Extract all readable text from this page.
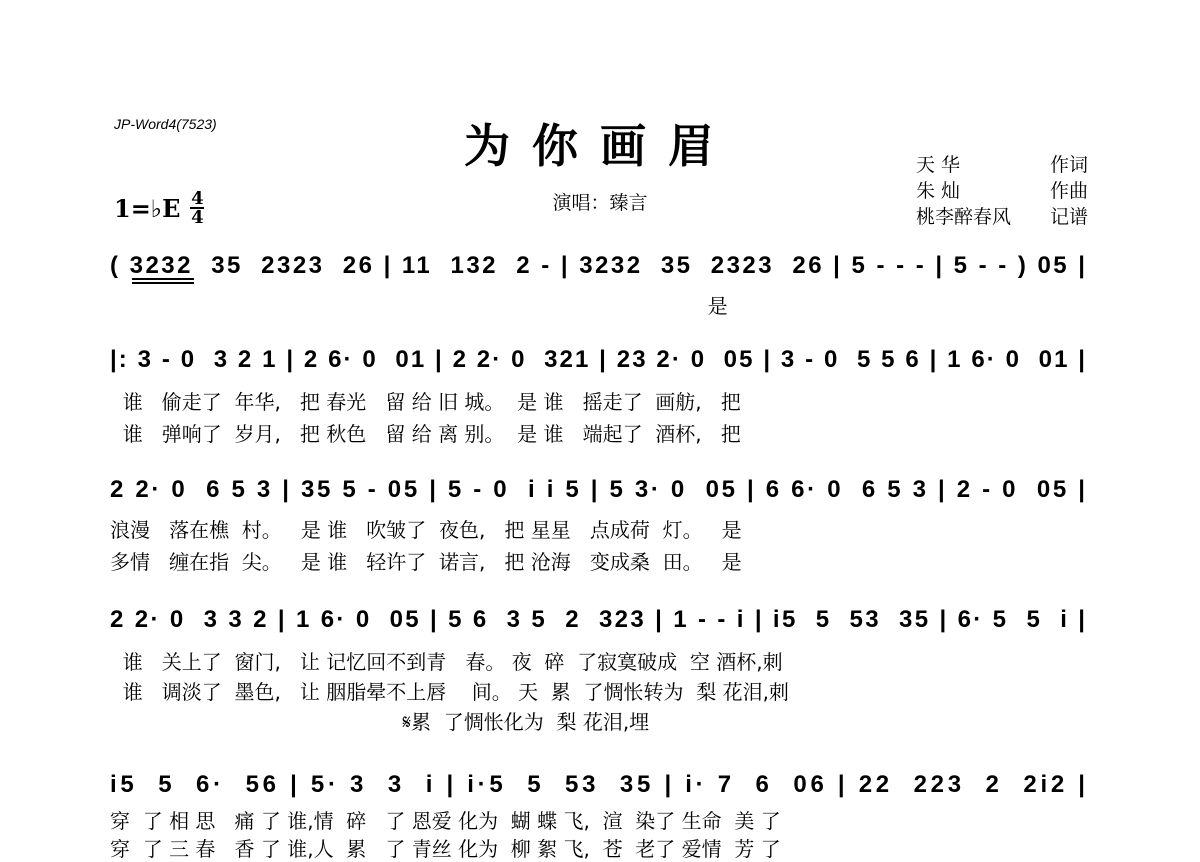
JP-Word4(7523)	为你画眉
演唱：臻言
天 华	作词
朱 灿	作曲
桃李醉春风 记谱
1=♭E $\frac{4}{4}$
( 3232  35  2323  26 | 11  132  2 - | 3232  35  2323  26 | 5 - - - | 5 - - ) 05 |
是
|: 3 - 0  3 2 1 | 2 6· 0  01 | 2 2· 0  321 | 23 2· 0  05 | 3 - 0  5 5 6 | 1 6· 0  01 |
谁   偷走了  年华,   把 春光   留 给 旧 城。  是 谁   摇走了  画舫,   把
谁   弹响了  岁月,   把 秋色   留 给 离 别。  是 谁   端起了  酒杯,   把
2 2· 0  6 5 3 | 35 5 - 05 | 5 - 0  i i 5 | 5 3· 0  05 | 6 6· 0  6 5 3 | 2 - 0  05 |
浪漫   落在樵  村。   是 谁   吹皱了  夜色,   把 星星   点成荷  灯。   是
多情   缠在指  尖。   是 谁   轻许了  诺言,   把 沧海   变成桑  田。   是
2 2· 0  3 3 2 | 1 6· 0  05 | 5 6  3 5  2  323 | 1 - - i | i5  5  53  35 | 6· 5  5  i |
谁   关上了  窗门,   让 记忆回不到青   春。 夜  碎  了寂寞破成  空 酒杯,刺
谁   调淡了  墨色,   让 胭脂晕不上唇    间。 天  累  了惆怅转为  梨 花泪,刺
𝄋累  了惆怅化为  梨 花泪,埋
i5  5  6·  56 | 5· 3  3  i | i·5  5  53  35 | i· 7  6  06 | 22  223  2  2i2 |
穿  了 相 思   痛 了 谁,情  碎   了 恩爱 化为  蝴 蝶 飞,  渲  染了 生命  美 了
穿  了 三 春   香 了 谁,人  累   了 青丝 化为  柳 絮 飞,  苍  老了 爱情  芳 了
